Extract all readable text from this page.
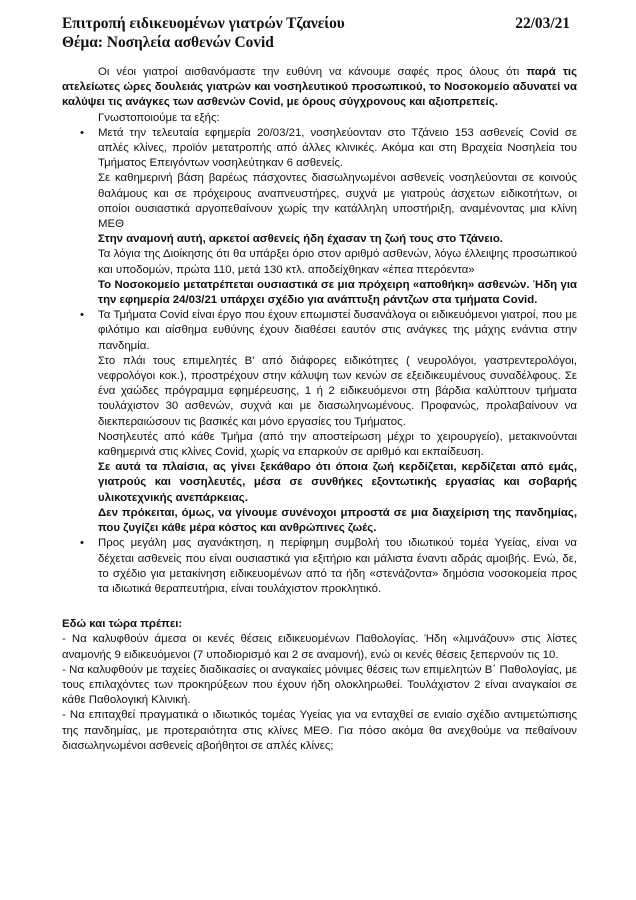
Επιτροπή ειδικευομένων γιατρών Τζανείου	22/03/21
Θέμα: Νοσηλεία ασθενών Covid

Οι νέοι γιατροί αισθανόμαστε την ευθύνη να κάνουμε σαφές προς όλους ότι παρά τις ατελείωτες ώρες δουλειάς γιατρών και νοσηλευτικού προσωπικού, το Νοσοκομείο αδυνατεί να καλύψει τις ανάγκες των ασθενών Covid, με όρους σύγχρονους και αξιοπρεπείς.

Γνωστοποιούμε τα εξής:

• Μετά την τελευταία εφημερία 20/03/21, νοσηλεύονταν στο Τζάνειο 153 ασθενείς Covid σε απλές κλίνες, προϊόν μετατροπής από άλλες κλινικές. Ακόμα και στη Βραχεία Νοσηλεία του Τμήματος Επειγόντων νοσηλεύτηκαν 6 ασθενείς.

Σε καθημερινή βάση βαρέως πάσχοντες διασωληνωμένοι ασθενείς νοσηλεύονται σε κοινούς θαλάμους και σε πρόχειρους αναπνευστήρες, συχνά με γιατρούς άσχετων ειδικοτήτων, οι οποίοι ουσιαστικά αργοπεθαίνουν χωρίς την κατάλληλη υποστήριξη, αναμένοντας μια κλίνη ΜΕΘ

Στην αναμονή αυτή, αρκετοί ασθενείς ήδη έχασαν τη ζωή τους στο Τζάνειο.

Τα λόγια της Διοίκησης ότι θα υπάρξει όριο στον αριθμό ασθενών, λόγω έλλειψης προσωπικού και υποδομών, πρώτα 110, μετά 130 κτλ. αποδείχθηκαν «έπεα πτερόεντα»

Το Νοσοκομείο μετατρέπεται ουσιαστικά σε μια πρόχειρη «αποθήκη» ασθενών. Ήδη για την εφημερία 24/03/21 υπάρχει σχέδιο για ανάπτυξη ράντζων στα τμήματα Covid.

• Τα Τμήματα Covid είναι έργο που έχουν επωμιστεί δυσανάλογα οι ειδικευόμενοι γιατροί, που με φιλότιμο και αίσθημα ευθύνης έχουν διαθέσει εαυτόν στις ανάγκες της μάχης ενάντια στην πανδημία.

Στο πλάι τους επιμελητές Β' από διάφορες ειδικότητες ( νευρολόγοι, γαστρεντερολόγοι, νεφρολόγοι κοκ.), προστρέχουν στην κάλυψη των κενών σε εξειδικευμένους συναδέλφους. Σε ένα χαώδες πρόγραμμα εφημέρευσης, 1 ή 2 ειδικευόμενοι στη βάρδια καλύπτουν τμήματα τουλάχιστον 30 ασθενών, συχνά και με διασωληνωμένους. Προφανώς, προλαβαίνουν να διεκπεραιώσουν τις βασικές και μόνο εργασίες του Τμήματος.

Νοσηλευτές από κάθε Τμήμα (από την αποστείρωση μέχρι το χειρουργείο), μετακινούνται καθημερινά στις κλίνες Covid, χωρίς να επαρκούν σε αριθμό και εκπαίδευση.

Σε αυτά τα πλαίσια, ας γίνει ξεκάθαρο ότι όποια ζωή κερδίζεται, κερδίζεται από εμάς, γιατρούς και νοσηλευτές, μέσα σε συνθήκες εξοντωτικής εργασίας και σοβαρής υλικοτεχνικής ανεπάρκειας.

Δεν πρόκειται, όμως, να γίνουμε συνένοχοι μπροστά σε μια διαχείριση της πανδημίας, που ζυγίζει κάθε μέρα κόστος και ανθρώπινες ζωές.

• Προς μεγάλη μας αγανάκτηση, η περίφημη συμβολή του ιδιωτικού τομέα Υγείας, είναι να δέχεται ασθενείς που είναι ουσιαστικά για εξιτήριο και μάλιστα έναντι αδράς αμοιβής. Ενώ, δε, το σχέδιο για μετακίνηση ειδικευομένων από τα ήδη «στενάζοντα» δημόσια νοσοκομεία προς τα ιδιωτικά θεραπευτήρια, είναι τουλάχιστον προκλητικό.

Εδώ και τώρα πρέπει:

- Να καλυφθούν άμεσα οι κενές θέσεις ειδικευομένων Παθολογίας. Ήδη «λιμνάζουν» στις λίστες αναμονής 9 ειδικευόμενοι (7 υποδιορισμό και 2 σε αναμονή), ενώ οι κενές θέσεις ξεπερνούν τις 10.

- Να καλυφθούν με ταχείες διαδικασίες οι αναγκαίες μόνιμες θέσεις των επιμελητών Β΄ Παθολογίας, με τους επιλαχόντες των προκηρύξεων που έχουν ήδη ολοκληρωθεί. Τουλάχιστον 2 είναι αναγκαίοι σε κάθε Παθολογική Κλινική.

- Να επιταχθεί πραγματικά ο ιδιωτικός τομέας Υγείας για να ενταχθεί σε ενιαίο σχέδιο αντιμετώπισης της πανδημίας, με προτεραιότητα στις κλίνες ΜΕΘ. Για πόσο ακόμα θα ανεχθούμε να πεθαίνουν διασωληνωμένοι ασθενείς αβοήθητοι σε απλές κλίνες;
